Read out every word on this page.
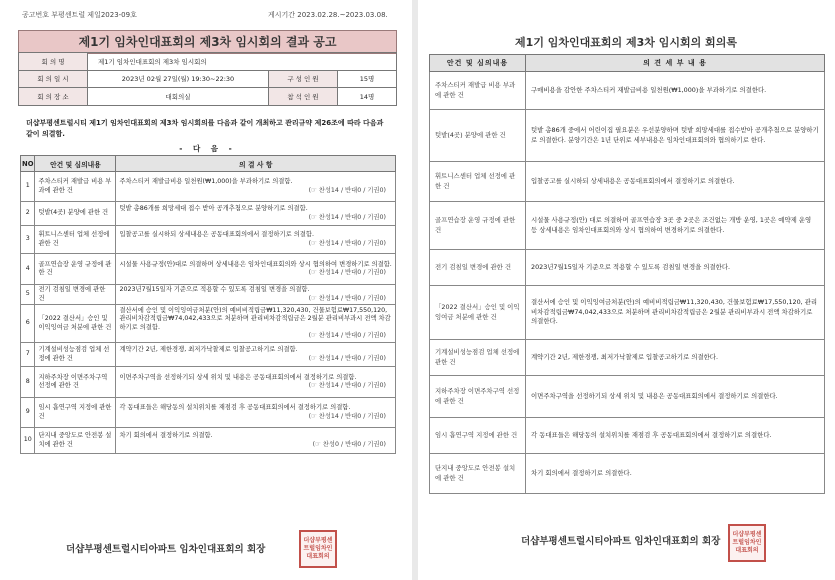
공고번호 부평센트럴 제일2023-09호	게시기간 2023.02.28.~2023.03.08.
제1기 임차인대표회의 제3차 임시회의 결과 공고
회 의 명	제1기 임차인대표회의 제3차 임시회의		
회 의 일 시	2023년 02월 27일(월) 19:30~22:30	구 성 인 원	15명
회 의 장 소	대회의실	참 석 인 원	14명
더샵부평센트럴시티 제1기 임차인대표회의 제3차 임시회의를 다음과 같이 개최하고 관리규약 제26조에 따라 다음과 같이 의결함.
- 다 음 -
NO	안건 및 심의내용	의 결 사 항
1	주차스티커 재발급 비용 부과에 관한 건	주차스티커 재발급비용 일천원(₩1,000)을 부과하기로 의결함.
(☞ 찬성14 / 반대0 / 기권0)

2	텃밭(4곳) 분양에 관한 건	텃밭 총86개를 희망세대 접수 받아 공개추첨으로 분양하기로 의결함.
(☞ 찬성14 / 반대0 / 기권0)

3	휘트니스센터 업체 선정에 관한 건	입찰공고를 실시하되 상세내용은 공동대표회의에서 결정하기로 의결함.
(☞ 찬성14 / 반대0 / 기권0)

4	골프연습장 운영 규정에 관한 건	시설물 사용규정(안)대로 의결하며 상세내용은 임차인대표회의와 상시 협의하여 변경하기로 의결함.
(☞ 찬성14 / 반대0 / 기권0)

5	전기 검침일 변경에 관한 건	2023년7월15일자 기준으로 적용할 수 있도록 검침일 변경을 의결함.
(☞ 찬성14 / 반대0 / 기권0)

6	「2022 결산서」승인 및 이익잉여금 처분에 관한 건	결산서에 승인 및 이익잉여금처분(안)의 예비비적립금₩11,320,430, 건물보험료₩17,550,120, 관리비차감적립금₩74,042,433으로 처분하며 관리비차감적립금은 2월분 관리비부과시 전액 차감하기로 의결함.
(☞ 찬성14 / 반대0 / 기권0)

7	기계설비성능점검 업체 선정에 관한 건	계약기간 2년, 제한경쟁, 최저가낙찰제로 입찰공고하기로 의결함.
(☞ 찬성14 / 반대0 / 기권0)

8	지하주차장 이면주차구역 선정에 관한 건	이면주차구역을 선정하기되 상세 위치 및 내용은 공동대표회의에서 결정하기로 의결함.
(☞ 찬성14 / 반대0 / 기권0)

9	임시 흡연구역 지정에 관한 건	각 동대표들은 해당동의 설치위치를 재점검 후 공동대표회의에서 결정하기로 의결함.
(☞ 찬성14 / 반대0 / 기권0)

10	단지내 중앙도로 안전봉 설치에 관한 건	차기 회의에서 결정하기로 의결함.
(☞ 찬성0 / 반대0 / 기권0)
더샵부평센트럴시티아파트 임차인대표회의 회장
더샵부평센트럴임차인대표회의
제1기 임차인대표회의 제3차 임시회의 회의록
안건 및 심의내용	의 견 세 부 내 용
주차스티커 재발급 비용 부과에 관한 건	구매비용을 감안한 주차스티커 재발급비용 일천원(₩1,000)을 부과하기로 의결한다.
텃밭(4곳) 분양에 관한 건	텃밭 총86개 중에서 어린이집 필요분은 우선분양하며 텃밭 희망세대를 접수받아 공개추첨으로 분양하기로 의결한다. 분양기간은 1년 단위로 세부내용은 임차인대표회의와 협의하기로 한다.
휘트니스센터 업체 선정에 관한 건	입찰공고를 실시하되 상세내용은 공동대표회의에서 결정하기로 의결한다.
골프연습장 운영 규정에 관한 건	시설물 사용규정(안) 대로 의결하며 골프연습장 3곳 중 2곳은 조건없는 개방 운영, 1곳은 예약제 운영 등 상세내용은 임차인대표회의와 상시 협의하여 변경하기로 의결한다.
전기 검침일 변경에 관한 건	2023년7월15일자 기준으로 적용할 수 있도록 검침일 변경을 의결한다.
「2022 결산서」승인 및 이익잉여금 처분에 관한 건	결산서에 승인 및 이익잉여금처분(안)의 예비비적립금₩11,320,430, 건물보험료₩17,550,120, 관리비차감적립금₩74,042,433으로 처분하며 관리비차감적립금은 2월분 관리비부과시 전액 차감하기로 의결한다.
기계설비성능점검 업체 선정에 관한 건	계약기간 2년, 제한경쟁, 최저가낙찰제로 입찰공고하기로 의결한다.
지하주차장 이면주차구역 선정에 관한 건	이면주차구역을 선정하기되 상세 위치 및 내용은 공동대표회의에서 결정하기로 의결한다.
임시 흡연구역 지정에 관한 건	각 동대표들은 해당동의 설치위치를 재점검 후 공동대표회의에서 결정하기로 의결한다.
단지내 중앙도로 안전봉 설치에 관한 건	차기 회의에서 결정하기로 의결한다.
더샵부평센트럴시티아파트 임차인대표회의 회장
더샵부평센트럴임차인대표회의
